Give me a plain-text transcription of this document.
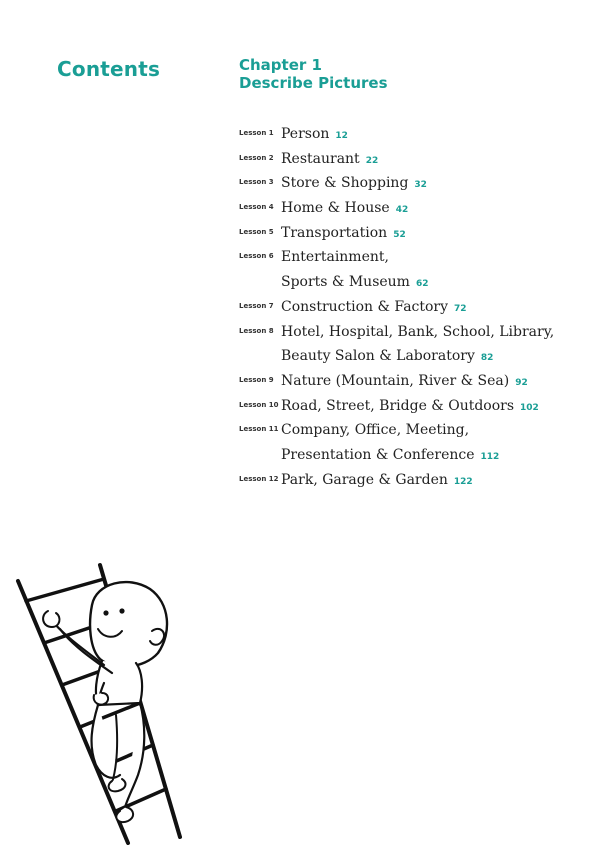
Contents	Chapter 1
Describe Pictures
Lesson 1 Person 12
Lesson 2 Restaurant 22
Lesson 3 Store & Shopping 32
Lesson 4 Home & House 42
Lesson 5 Transportation 52
Lesson 6 Entertainment,
Sports & Museum 62
Lesson 7 Construction & Factory 72
Lesson 8 Hotel, Hospital, Bank, School, Library,
Beauty Salon & Laboratory 82
Lesson 9 Nature (Mountain, River & Sea) 92
Lesson 10 Road, Street, Bridge & Outdoors 102
Lesson 11 Company, Office, Meeting,
Presentation & Conference 112
Lesson 12 Park, Garage & Garden 122
